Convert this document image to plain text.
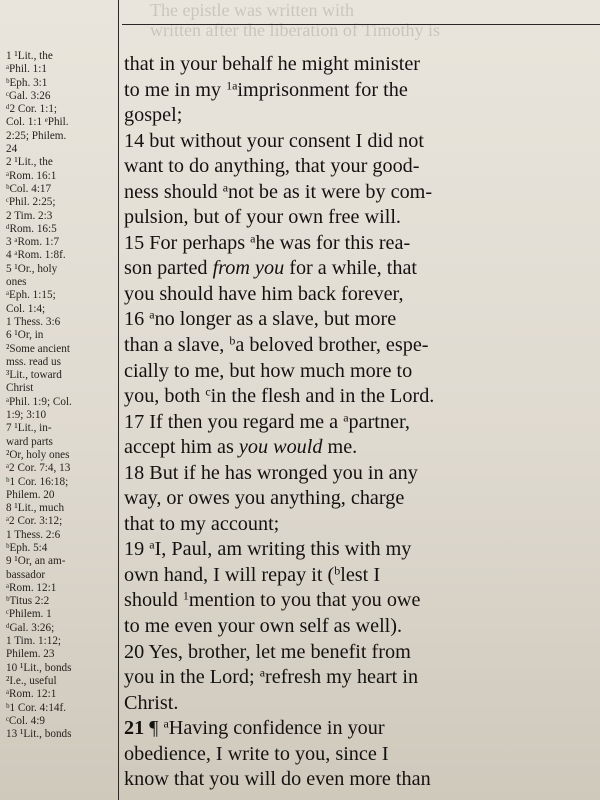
The epistle was written with
written after the liberation of Timothy is
1 ¹Lit., the
ᵃPhil. 1:1
ᵇEph. 3:1
ᶜGal. 3:26
ᵈ2 Cor. 1:1;
Col. 1:1 ᵉPhil.
2:25; Philem.
24
2 ¹Lit., the
ᵃRom. 16:1
ᵇCol. 4:17
ᶜPhil. 2:25;
2 Tim. 2:3
ᵈRom. 16:5
3 ᵃRom. 1:7
4 ᵃRom. 1:8f.
5 ¹Or., holy
ones
ᵃEph. 1:15;
Col. 1:4;
1 Thess. 3:6
6 ¹Or, in
²Some ancient
mss. read us
³Lit., toward
Christ
ᵃPhil. 1:9; Col.
1:9; 3:10
7 ¹Lit., in-
ward parts
²Or, holy ones
ᵃ2 Cor. 7:4, 13
ᵇ1 Cor. 16:18;
Philem. 20
8 ¹Lit., much
ᵃ2 Cor. 3:12;
1 Thess. 2:6
ᵇEph. 5:4
9 ¹Or, an am-
bassador
ᵃRom. 12:1
ᵇTitus 2:2
ᶜPhilem. 1
ᵈGal. 3:26;
1 Tim. 1:12;
Philem. 23
10 ¹Lit., bonds
²I.e., useful
ᵃRom. 12:1
ᵇ1 Cor. 4:14f.
ᶜCol. 4:9
13 ¹Lit., bonds
that in your behalf he might minister
to me in my $^{1a}$imprisonment for the
gospel;
14 but without your consent I did not
want to do anything, that your good-
ness should $^a$not be as it were by com-
pulsion, but of your own free will.
15 For perhaps $^a$he was for this rea-
son parted from you for a while, that
you should have him back forever,
16 $^a$no longer as a slave, but more
than a slave, $^b$a beloved brother, espe-
cially to me, but how much more to
you, both $^c$in the flesh and in the Lord.
17 If then you regard me a $^a$partner,
accept him as you would me.
18 But if he has wronged you in any
way, or owes you anything, charge
that to my account;
19 $^a$I, Paul, am writing this with my
own hand, I will repay it ($^b$lest I
should $^1$mention to you that you owe
to me even your own self as well).
20 Yes, brother, let me benefit from
you in the Lord; $^a$refresh my heart in
Christ.
21 ¶ $^a$Having confidence in your
obedience, I write to you, since I
know that you will do even more than
